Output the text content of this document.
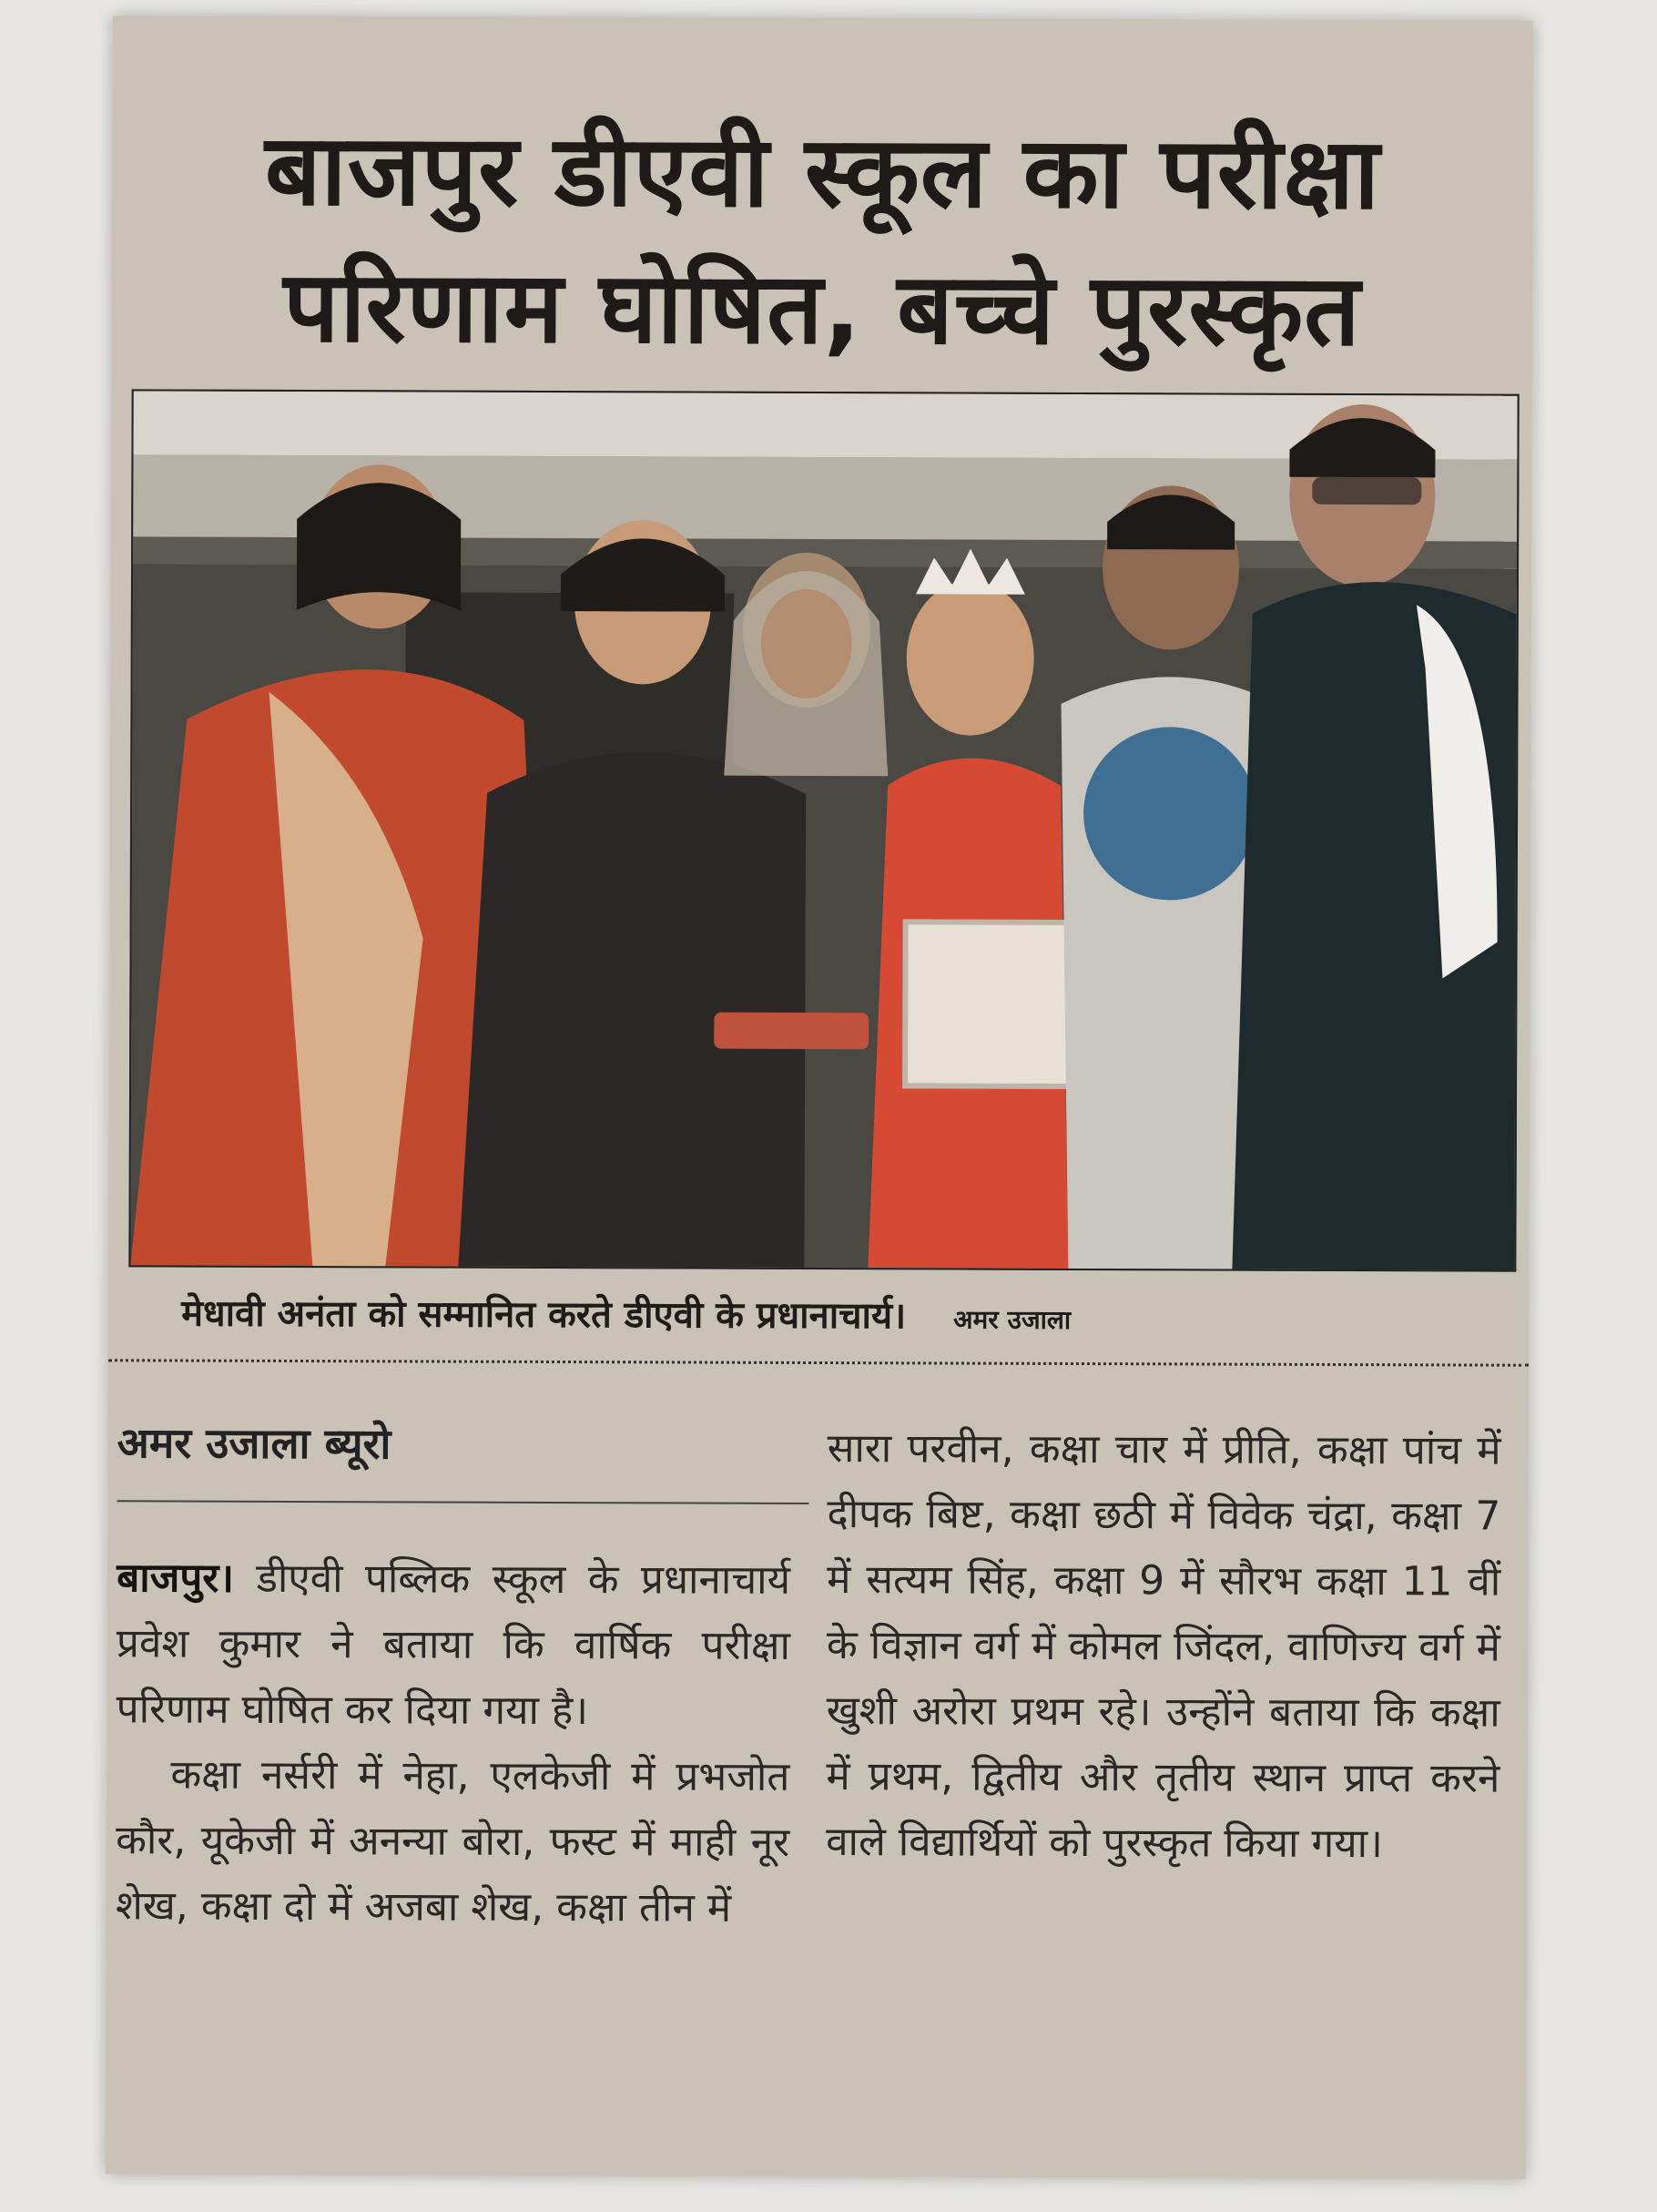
बाजपुर डीएवी स्कूल का परीक्षा
परिणाम घोषित, बच्चे पुरस्कृत
मेधावी अनंता को सम्मानित करते डीएवी के प्रधानाचार्य। अमर उजाला
अमर उजाला ब्यूरो

बाजपुर। डीएवी पब्लिक स्कूल के प्रधानाचार्य प्रवेश कुमार ने बताया कि वार्षिक परीक्षा परिणाम घोषित कर दिया गया है।

कक्षा नर्सरी में नेहा, एलकेजी में प्रभजोत कौर, यूकेजी में अनन्या बोरा, फस्ट में माही नूर शेख, कक्षा दो में अजबा शेख, कक्षा तीन में

सारा परवीन, कक्षा चार में प्रीति, कक्षा पांच में दीपक बिष्ट, कक्षा छठी में विवेक चंद्रा, कक्षा 7 में सत्यम सिंह, कक्षा 9 में सौरभ कक्षा 11 वीं के विज्ञान वर्ग में कोमल जिंदल, वाणिज्य वर्ग में खुशी अरोरा प्रथम रहे। उन्होंने बताया कि कक्षा में प्रथम, द्वितीय और तृतीय स्थान प्राप्त करने वाले विद्यार्थियों को पुरस्कृत किया गया।
